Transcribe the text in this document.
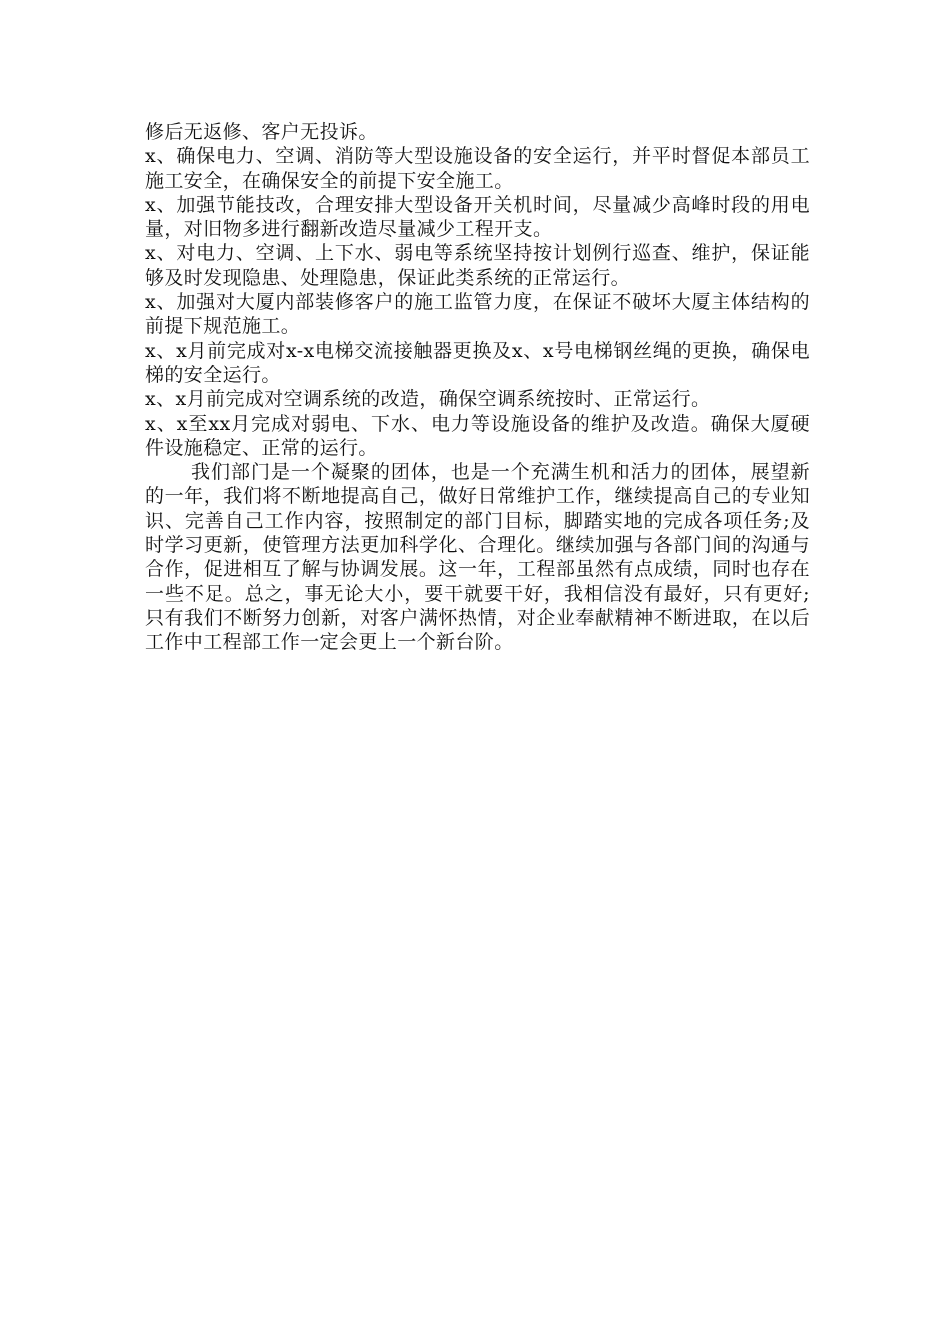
修后无返修、客户无投诉。

x、确保电力、空调、消防等大型设施设备的安全运行，并平时督促本部员工施工安全，在确保安全的前提下安全施工。

x、加强节能技改，合理安排大型设备开关机时间，尽量减少高峰时段的用电量，对旧物多进行翻新改造尽量减少工程开支。

x、对电力、空调、上下水、弱电等系统坚持按计划例行巡查、维护，保证能够及时发现隐患、处理隐患，保证此类系统的正常运行。

x、加强对大厦内部装修客户的施工监管力度，在保证不破坏大厦主体结构的前提下规范施工。

x、x月前完成对x-x电梯交流接触器更换及x、x号电梯钢丝绳的更换，确保电梯的安全运行。

x、x月前完成对空调系统的改造，确保空调系统按时、正常运行。

x、x至xx月完成对弱电、下水、电力等设施设备的维护及改造。确保大厦硬件设施稳定、正常的运行。

我们部门是一个凝聚的团体，也是一个充满生机和活力的团体，展望新的一年，我们将不断地提高自己，做好日常维护工作，继续提高自己的专业知识、完善自己工作内容，按照制定的部门目标，脚踏实地的完成各项任务;及时学习更新，使管理方法更加科学化、合理化。继续加强与各部门间的沟通与合作，促进相互了解与协调发展。这一年，工程部虽然有点成绩，同时也存在一些不足。总之，事无论大小，要干就要干好，我相信没有最好，只有更好;只有我们不断努力创新，对客户满怀热情，对企业奉献精神不断进取，在以后工作中工程部工作一定会更上一个新台阶。
